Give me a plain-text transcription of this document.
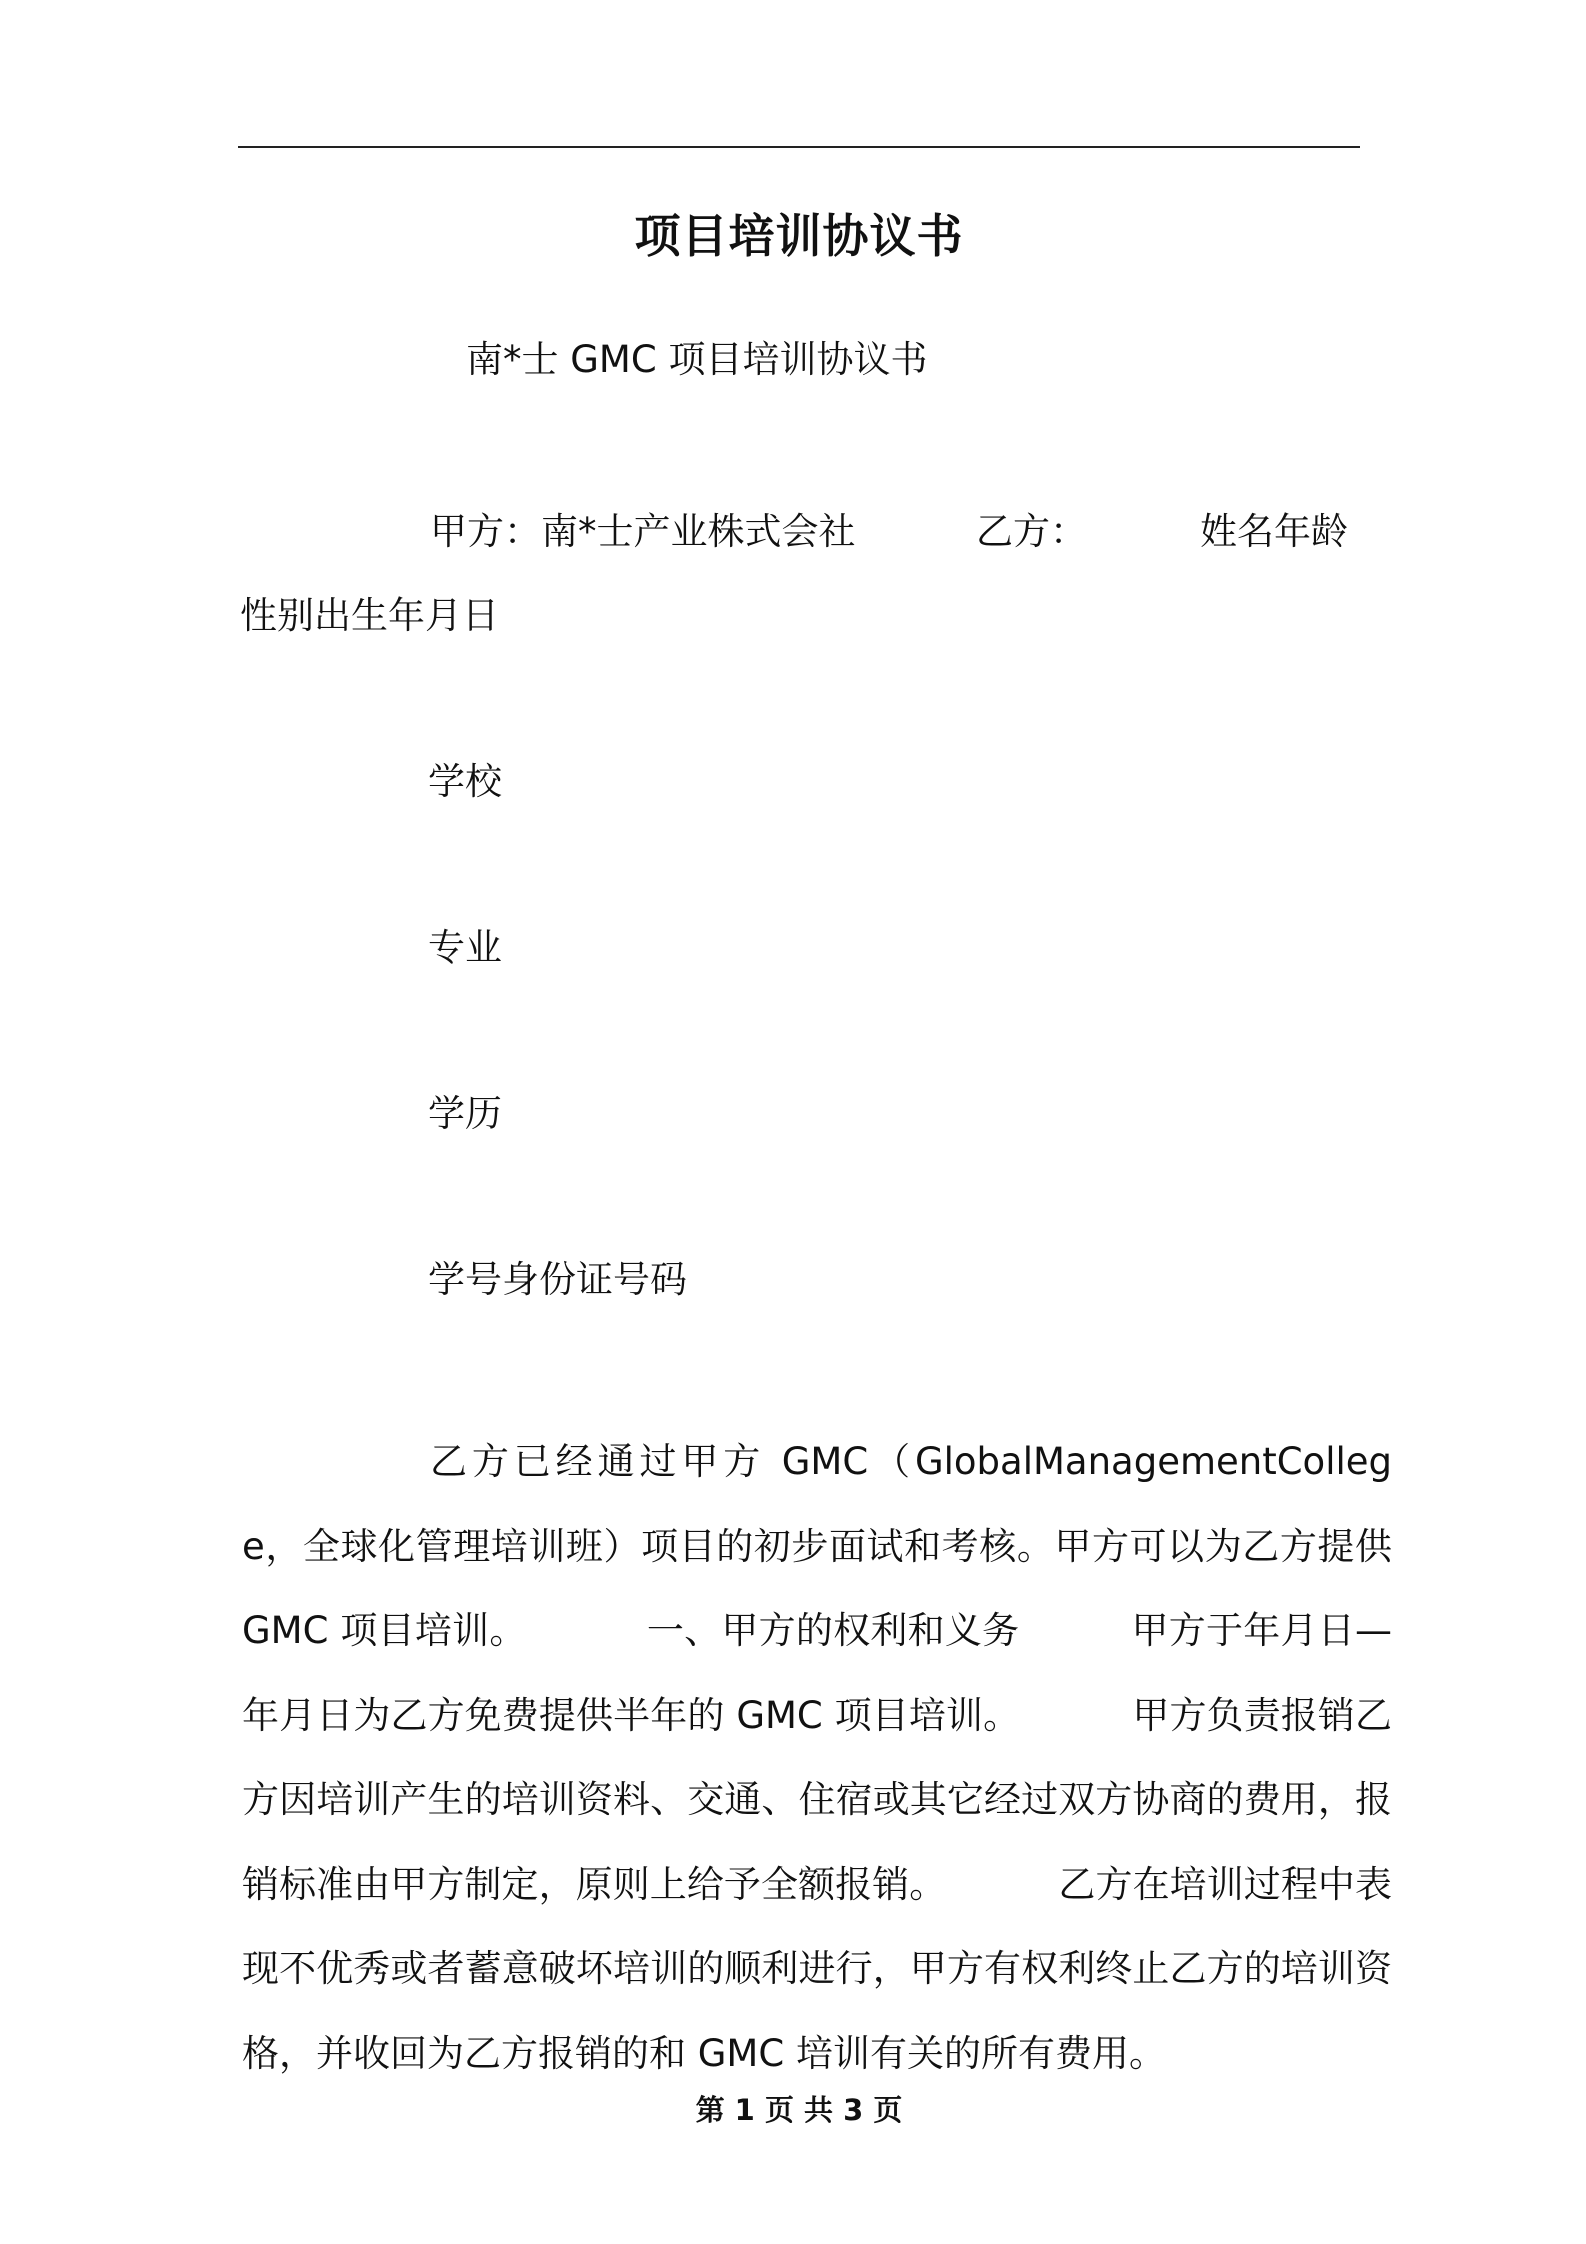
项目培训协议书
南*士 GMC 项目培训协议书
甲方：南*士产业株式会社	乙方：	姓名年龄
性别出生年月日
学校
专业
学历
学号身份证号码
乙方已经通过甲方 GMC（GlobalManagementCollege，全球化管理培训班）项目的初步面试和考核。甲方可以为乙方提供 GMC 项目培训。	一、甲方的权利和义务	甲方于年月日—年月日为乙方免费提供半年的 GMC 项目培训。	甲方负责报销乙方因培训产生的培训资料、交通、住宿或其它经过双方协商的费用，报销标准由甲方制定，原则上给予全额报销。	乙方在培训过程中表现不优秀或者蓄意破坏培训的顺利进行，甲方有权利终止乙方的培训资格，并收回为乙方报销的和 GMC 培训有关的所有费用。
第 1 页 共 3 页
